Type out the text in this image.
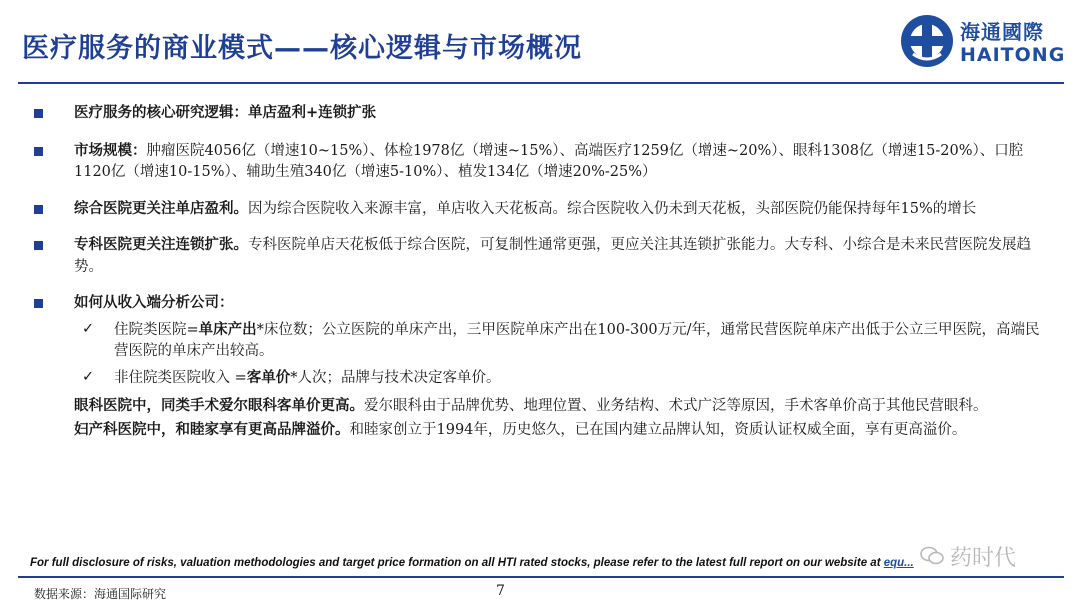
医疗服务的商业模式——核心逻辑与市场概况
海通國際
HAITONG
医疗服务的核心研究逻辑：单店盈利+连锁扩张
市场规模：肿瘤医院4056亿（增速10~15%）、体检1978亿（增速~15%）、高端医疗1259亿（增速~20%）、眼科1308亿（增速15-20%）、口腔1120亿（增速10-15%）、辅助生殖340亿（增速5-10%）、植发134亿（增速20%-25%）
综合医院更关注单店盈利。因为综合医院收入来源丰富，单店收入天花板高。综合医院收入仍未到天花板，头部医院仍能保持每年15%的增长
专科医院更关注连锁扩张。专科医院单店天花板低于综合医院，可复制性通常更强，更应关注其连锁扩张能力。大专科、小综合是未来民营医院发展趋势。
如何从收入端分析公司：
✓	住院类医院=单床产出*床位数；公立医院的单床产出，三甲医院单床产出在100-300万元/年，通常民营医院单床产出低于公立三甲医院，高端民营医院的单床产出较高。
✓	非住院类医院收入 =客单价*人次；品牌与技术决定客单价。
眼科医院中，同类手术爱尔眼科客单价更高。爱尔眼科由于品牌优势、地理位置、业务结构、术式广泛等原因，手术客单价高于其他民营眼科。
妇产科医院中，和睦家享有更高品牌溢价。和睦家创立于1994年，历史悠久，已在国内建立品牌认知，资质认证权威全面，享有更高溢价。
For full disclosure of risks, valuation methodologies and target price formation on all HTI rated stocks, please refer to the latest full report on our website at equ... 药时代
数据来源：海通国际研究	7
